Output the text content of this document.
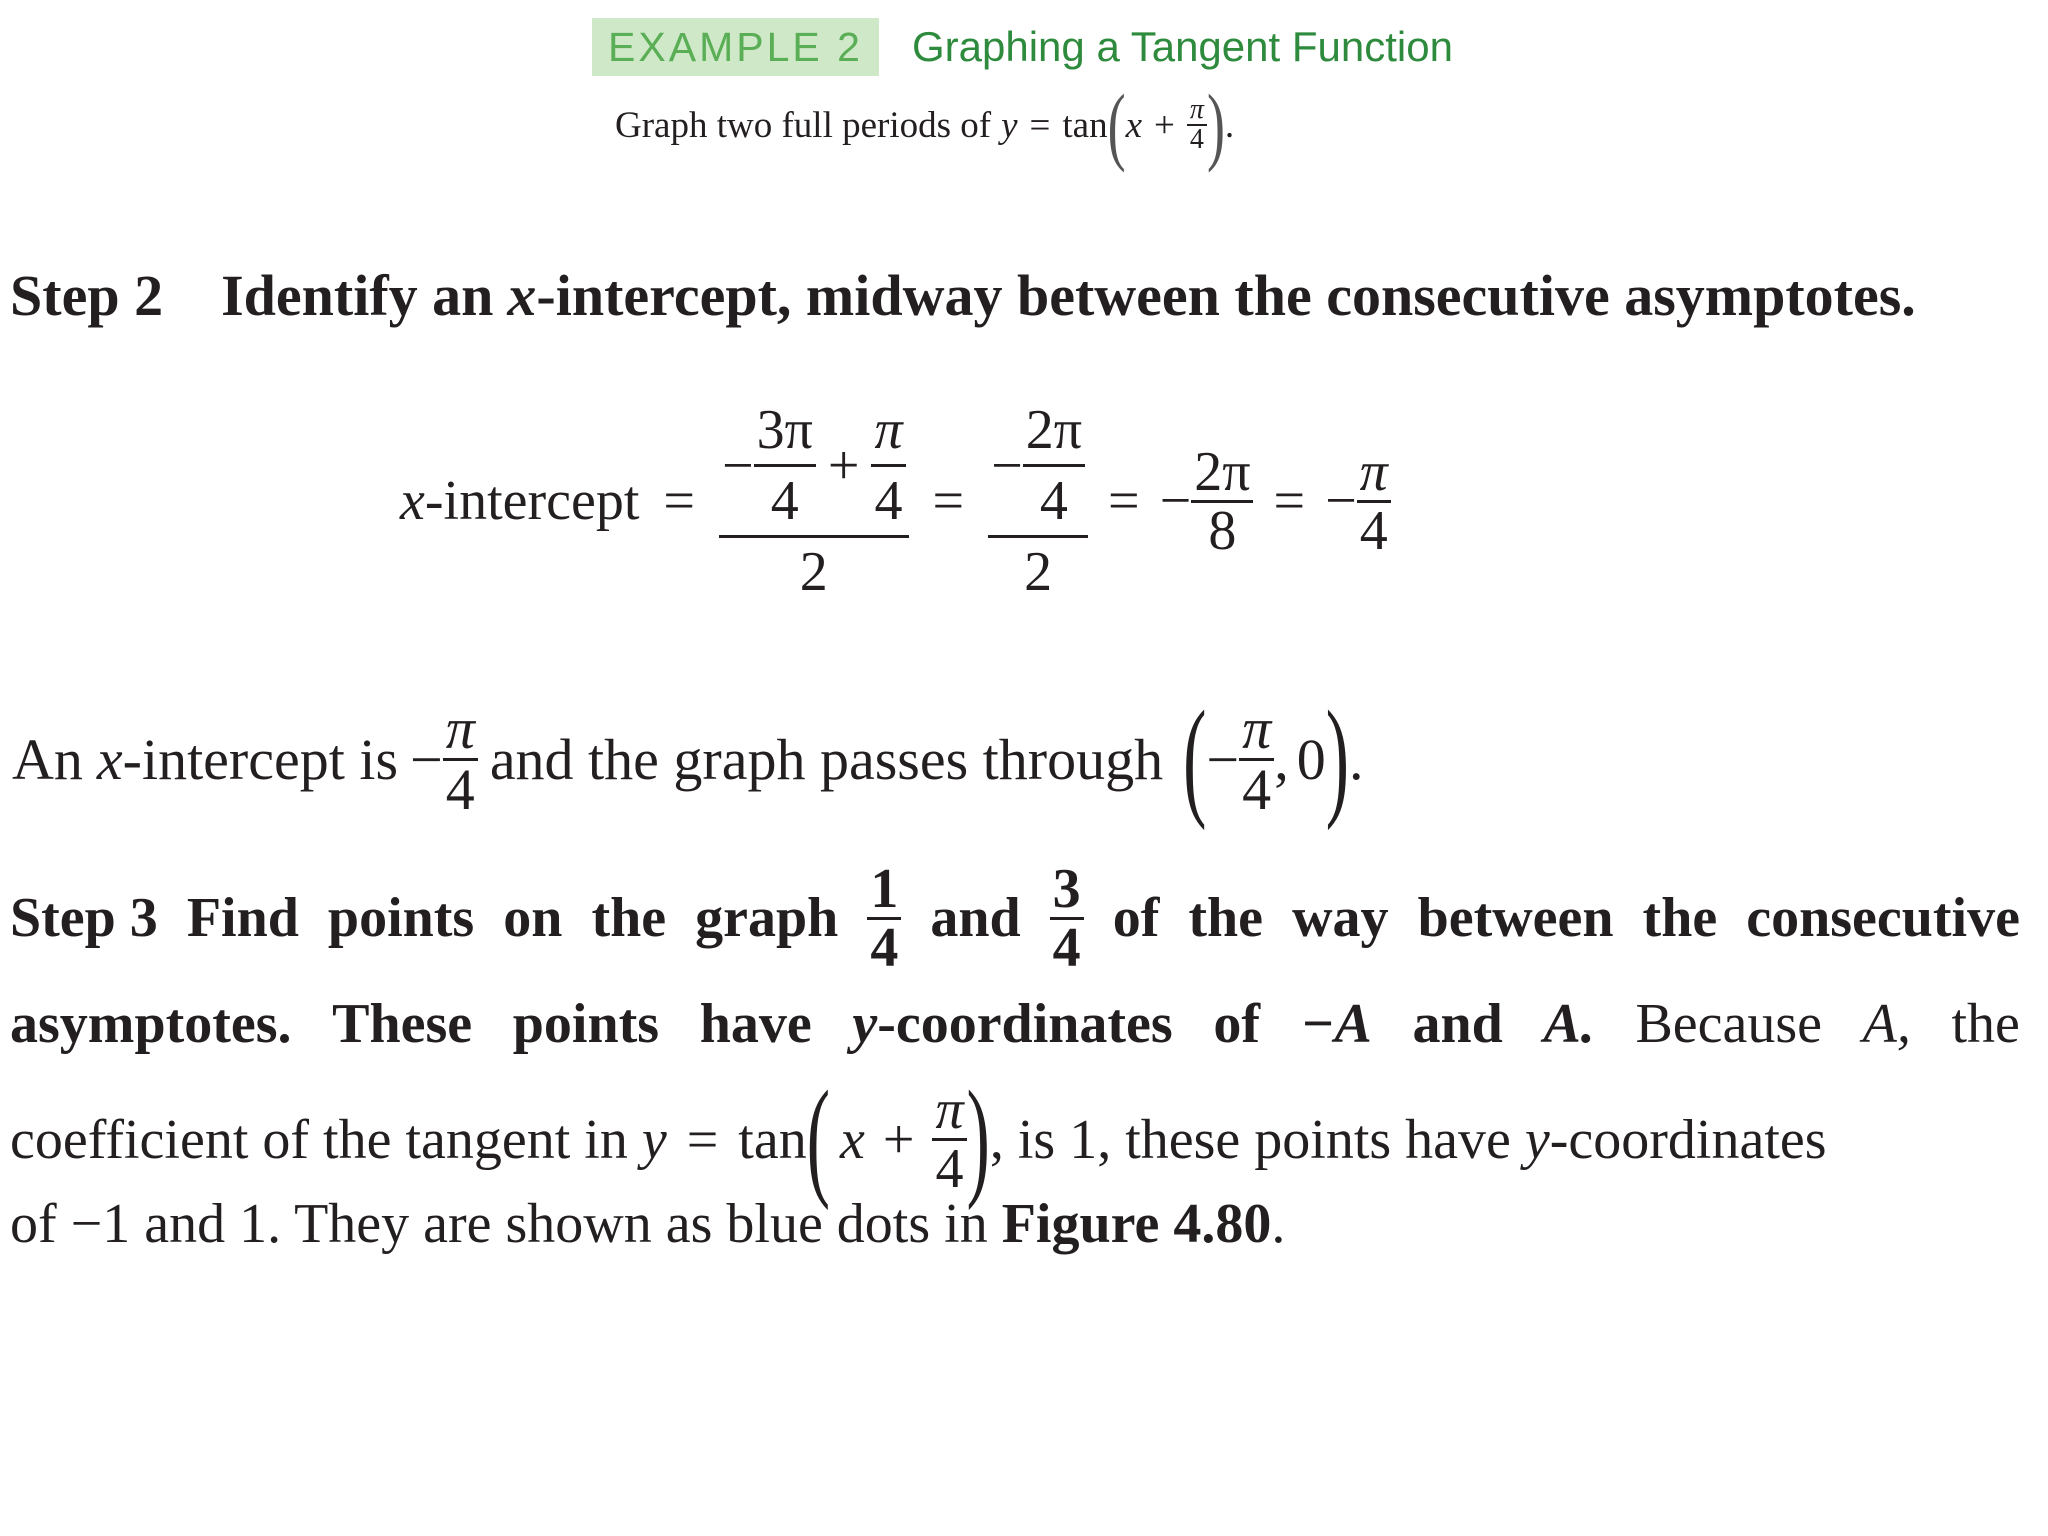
EXAMPLE 2	Graphing a Tangent Function
Graph two full periods of y = tan ( $x + \frac{\pi}{4}$ ) .
Step 2 Identify an x -intercept, midway between the consecutive asymptotes.
x -intercept =
− $\frac{3\pi}{4} + \frac{\pi}{4}$
2
= $\frac{- \frac{2\pi}{4}}{2}$ = − $\frac{2\pi}{8}$ = − $\frac{\pi}{4}$
An x -intercept is − $\frac{\pi}{4}$ and the graph passes through ( − $\frac{\pi}{4}$ , 0 ) .
Step 3 Find points on the graph $\frac{1}{4}$ and $\frac{3}{4}$ of the way between the consecutive
asymptotes. These points have y-coordinates of −A and A. Because A, the
coefficient of the tangent in y = tan ( $x + \frac{\pi}{4}$ ) , is 1, these points have y -coordinates
of −1 and 1. They are shown as blue dots in Figure 4.80 .
